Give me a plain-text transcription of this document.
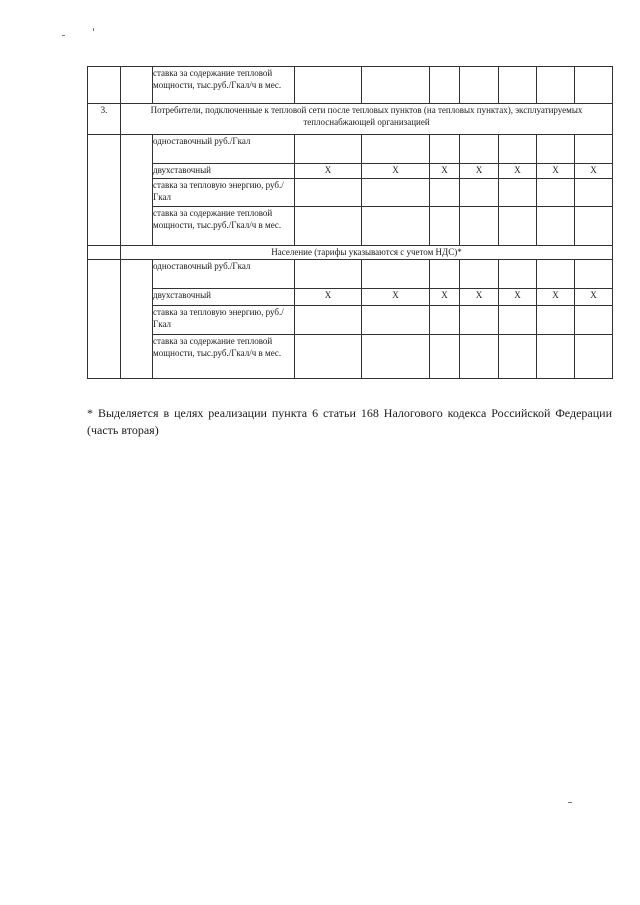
		ставка за содержание тепловой мощности, тыс.руб./Гкал/ч в мес.							
3.	Потребители, подключенные к тепловой сети после тепловых пунктов (на тепловых пунктах), эксплуатируемых теплоснабжающей организацией								
		одноставочный руб./Гкал							
		двухставочный	X	X	X	X	X	X	X
		ставка за тепловую энергию, руб./Гкал							
		ставка за содержание тепловой мощности, тыс.руб./Гкал/ч в мес.							
	Население (тарифы указываются с учетом НДС)*								
		одноставочный руб./Гкал							
		двухставочный	X	X	X	X	X	X	X
		ставка за тепловую энергию, руб./Гкал							
		ставка за содержание тепловой мощности, тыс.руб./Гкал/ч в мес.							
* Выделяется в целях реализации пункта 6 статьи 168 Налогового кодекса Российской Федерации (часть вторая)
